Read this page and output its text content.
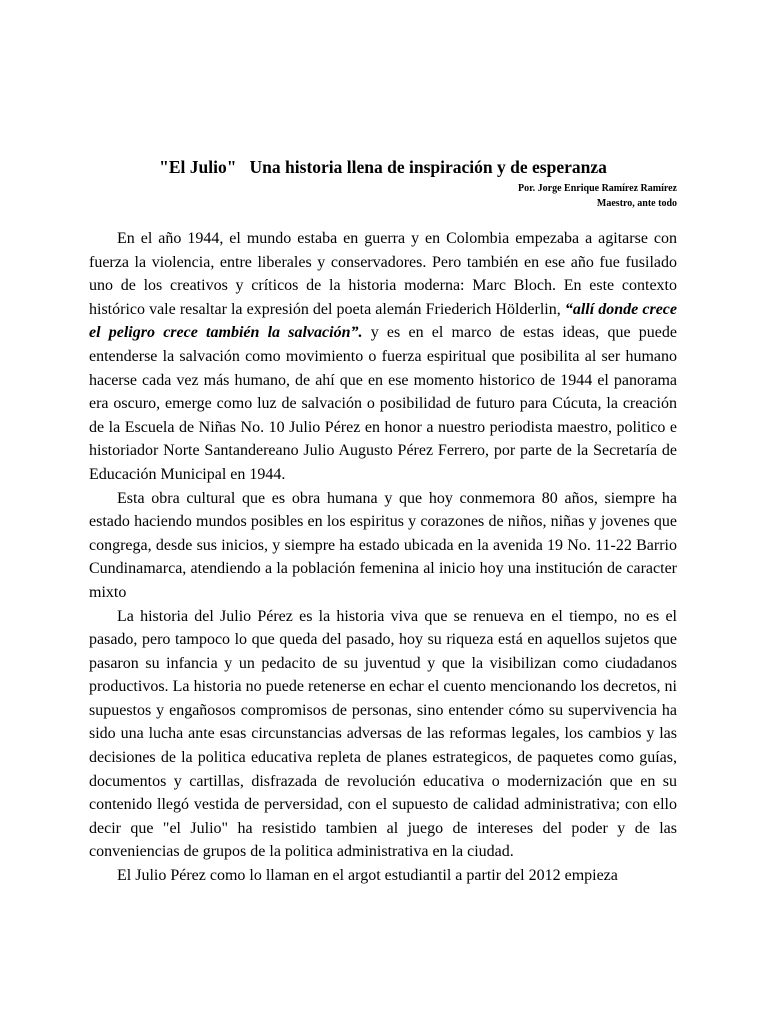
"El Julio"   Una historia llena de inspiración y de esperanza
Por. Jorge Enrique Ramírez Ramírez
Maestro, ante todo

En el año 1944, el mundo estaba en guerra y en Colombia empezaba a agitarse con fuerza la violencia, entre liberales y conservadores. Pero también en ese año fue fusilado uno de los creativos y críticos de la historia moderna: Marc Bloch. En este contexto histórico vale resaltar la expresión del poeta alemán Friederich Hölderlin, “allí donde crece el peligro crece también la salvación”. y es en el marco de estas ideas, que puede entenderse la salvación como movimiento o fuerza espiritual que posibilita al ser humano hacerse cada vez más humano, de ahí que en ese momento historico de 1944 el panorama era oscuro, emerge como luz de salvación o posibilidad de futuro para Cúcuta, la creación de la Escuela de Niñas No. 10 Julio Pérez en honor a nuestro periodista maestro, politico e historiador Norte Santandereano Julio Augusto Pérez Ferrero, por parte de la Secretaría de Educación Municipal en 1944.

Esta obra cultural que es obra humana y que hoy conmemora 80 años, siempre ha estado haciendo mundos posibles en los espiritus y corazones de niños, niñas y jovenes que congrega, desde sus inicios, y siempre ha estado ubicada en la avenida 19 No. 11-22 Barrio Cundinamarca, atendiendo a la población femenina al inicio hoy una institución de caracter mixto

La historia del Julio Pérez es la historia viva que se renueva en el tiempo, no es el pasado, pero tampoco lo que queda del pasado, hoy su riqueza está en aquellos sujetos que pasaron su infancia y un pedacito de su juventud y que la visibilizan como ciudadanos productivos. La historia no puede retenerse en echar el cuento mencionando los decretos, ni supuestos y engañosos compromisos de personas, sino entender cómo su supervivencia ha sido una lucha ante esas circunstancias adversas de las reformas legales, los cambios y las decisiones de la politica educativa repleta de planes estrategicos, de paquetes como guías, documentos y cartillas, disfrazada de revolución educativa o modernización que en su contenido llegó vestida de perversidad, con el supuesto de calidad administrativa; con ello decir que "el Julio" ha resistido tambien al juego de intereses del poder y de las conveniencias de grupos de la politica administrativa en la ciudad.

El Julio Pérez como lo llaman en el argot estudiantil a partir del 2012 empieza
